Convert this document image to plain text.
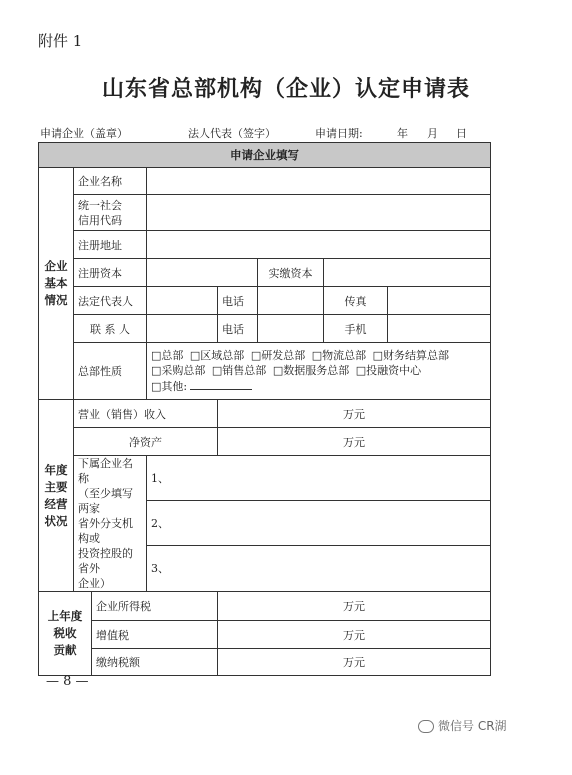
附件 1
山东省总部机构（企业）认定申请表
申请企业（盖章）	法人代表（签字）	申请日期:	年 月 日
申请企业填写							

企业
基本
情况	企业名称						

	统一社会
信用代码						

	注册地址						
	注册资本				实缴资本		
	法定代表人			电话		传真	
	联 系 人			电话		手机	
	总部性质		□总部 □区域总部 □研发总部 □物流总部 □财务结算总部
□采购总部 □销售总部 □数据服务总部 □投融资中心
□其他:				

年度
主要
经营
状况	营业（销售）收入			万元			
	净资产			万元			

	下属企业名称
（至少填写两家
省外分支机构或
投资控股的省外
企业）		1、				
			2、				
			3、				

上年度
税收
贡献		企业所得税		万元			
		增值税		万元			
		缴纳税额		万元			
— 8 —
微信号 CR湖
